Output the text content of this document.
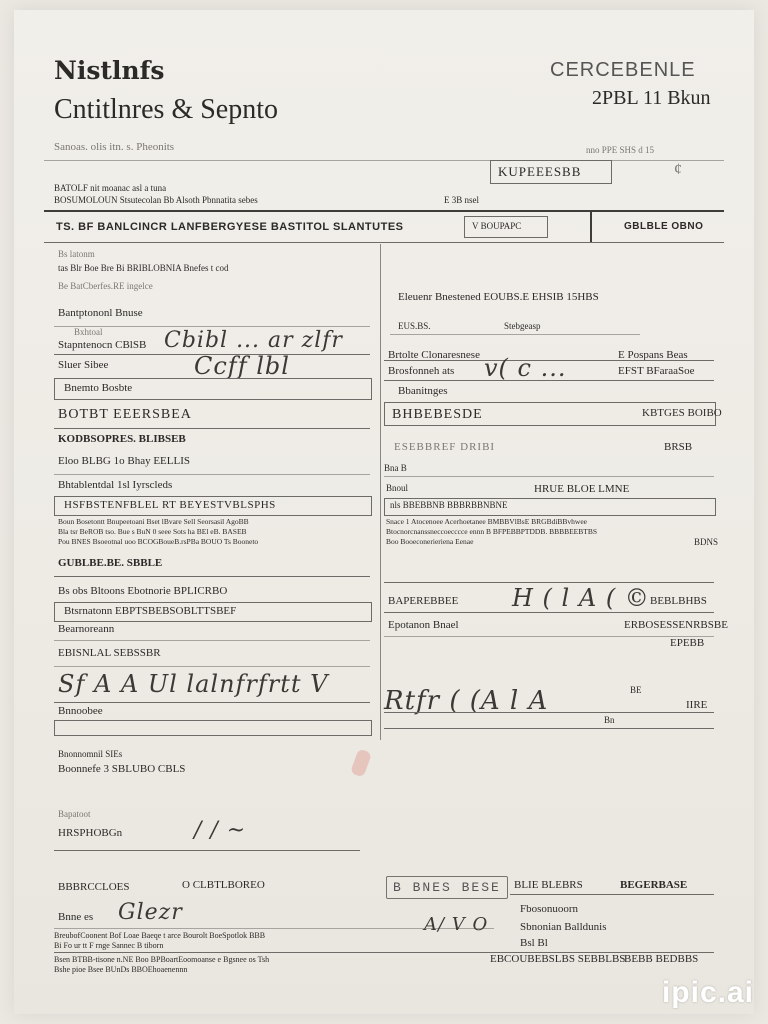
Nistlnfs
Cntitlnres & Sepnto
Sanoas. olis itn. s. Pheonits
CERCEBENLE
2PBL 11 Bkun
nno PPE SHS d 15
KUPEEESBB	¢
BATOLF nit moanac asl a tuna
BOSUMOLOUN Stsutecolan Bb Alsoth Pbnnatita sebes	E 3B nsel
TS. BF BANLCINCR LANFBERGYESE BASTITOL SLANTUTES	V BOUPAPC	GBLBLE OBNO
Bs latonm
tas Blr Boe Bre Bi BRIBLOBNIA Bnefes t cod
Be BatCberfes.RE ingelce
Bantptononl Bnuse
Bxhtoal
Stapntenocn CBlSB Cbibl ... ar zlfr
Sluer Sibee	Ccff lbl
Bnemto Bosbte
BOTBT EEERSBEA
KODBSOPRES. BLIBSEB
Eloo BLBG 1o Bhay EELLIS
Bhtablentdal 1sl Iyrscleds
HSFBSTENFBLEL RT BEYESTVBLSPHS
Boun Bosetontt Bnupeetoani Bset lBvare Sell Seorsasil AgoBB
Bla tsr BeROB tso. Bue s BuN 0 seee Sots ha BEl eB. BASEB
Pou BNES Bsoeotnal uoo BCOGBoueB.rsPBa BOUO Ts Booneto
GUBLBE.BE. SBBLE
Bs obs Bltoons Ebotnorie BPLICRBO
Btsrnatonn EBPTSBEBSOBLTTSBEF
Bearnoreann
EBISNLAL SEBSSBR
Sf A A Ul lalnfrfrtt V
Bnnoobee
Bnonnomnil SIEs
Boonnefe 3 SBLUBO CBLS
Eleuenr Bnestened EOUBS.E EHSIB 15HBS
EUS.BS.	Stebgeasp
Brtolte Clonaresnese	E Pospans Beas
Brosfonneh ats v( c ...	EFST BFaraaSoe
Bbanitnges
BHBEBESDE	KBTGES BOIBO
ESEBBREF DRIBI	BRSB
Bna B
Bnoul	HRUE BLOE LMNE
nls BBEBBNB BBBRBBNBNE
Snace 1 Atocenoee Acerhoetanee BMBBVlBsE BRGBdiBBvhwee
Btocnorcnanssneccoecccce ennn B BFPEBBPTDDB. BBBBEEBTBS
Boo Booeconerieriena Eenae	BDNS
BAPEREBBEE H ( l A ( © BEBLBHBS
Epotanon Bnael	ERBOSESSENRBSBE
EPEBB
BE
IIRE
Rtfr ( (A l A
Bn
Bapatoot
HRSPHOBGn	/ / ~
BBBRCCLOES	O CLBTLBOREO
Bnne es Glezr
B BNES BESE	BLIE BLEBRS	BEGERBASE
Fbosonuoorn
Sbnonian Balldunis
A/ V O
Bsl Bl
BreubofCoonent Bof Loae Baeqe t arce Bourolt BoeSpotlok BBB
Bi Fo ur tt F rnge Sannec B tiborn
Bsen BTBB-tisone n.NE Boo BPBoartEoomoanse e Bgsnee os Tsh	EBCOUBEBSLBS SEBBLBS
BEBB BEDBBS
Bshe pioe Bsee BUnDs BBOEhoaenennn
ipic.ai
